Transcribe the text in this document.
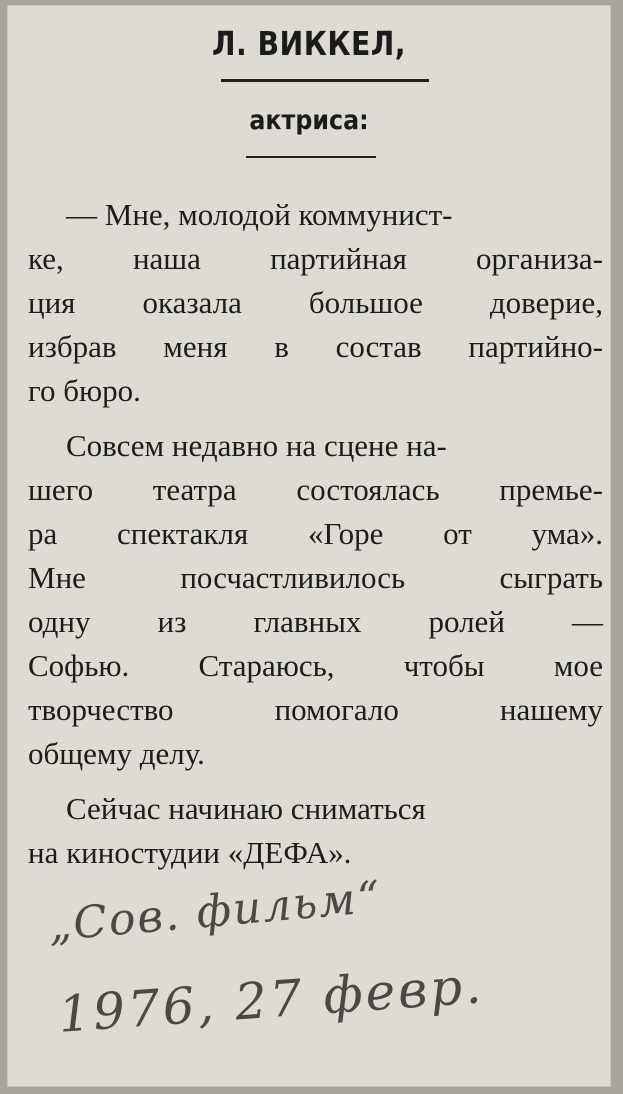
Л. ВИККЕЛ,
актриса:
— Мне, молодой коммунист-
ке, наша партийная организа-
ция оказала большое доверие,
избрав меня в состав партийно-
го бюро.
Совсем недавно на сцене на-
шего театра состоялась премье-
ра спектакля «Горе от ума».
Мне посчастливилось сыграть
одну из главных ролей —
Софью. Стараюсь, чтобы мое
творчество помогало нашему
общему делу.
Сейчас начинаю сниматься
на киностудии «ДЕФА».
„Сов. фильм“
1976, 27 февр.
